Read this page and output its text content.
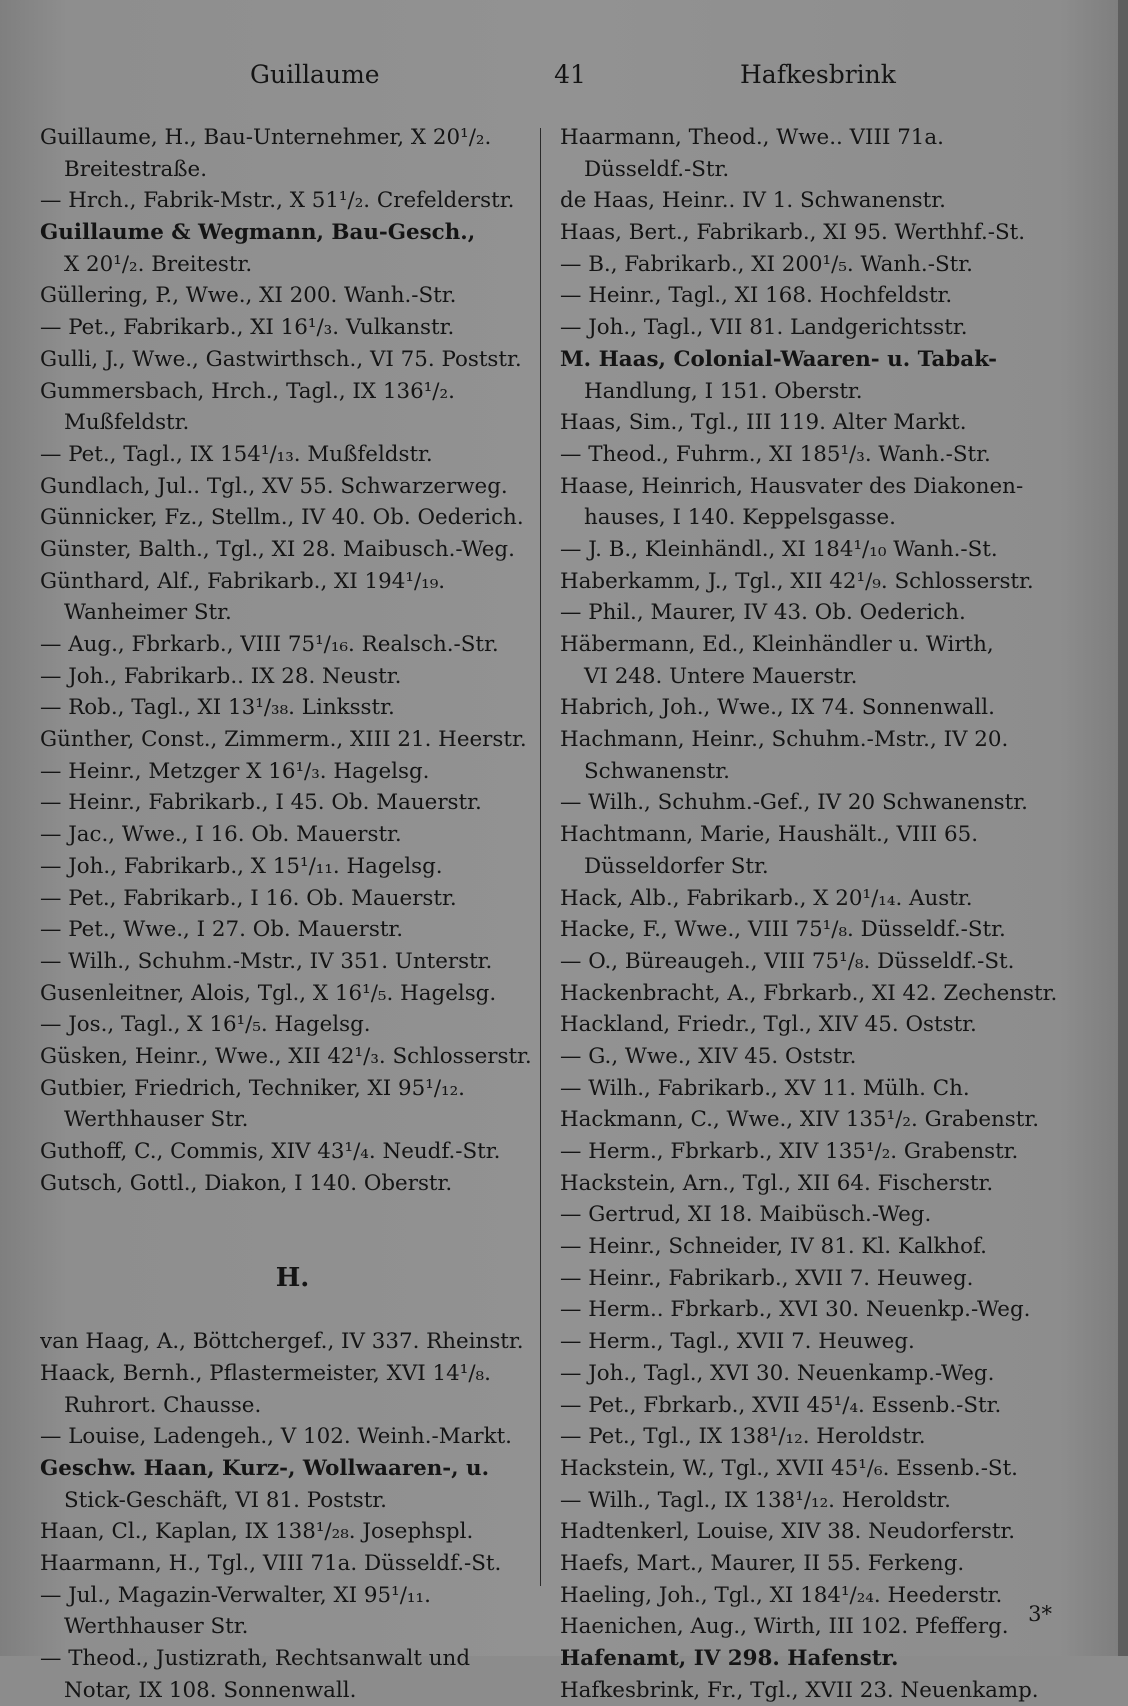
Guillaume	41	Hafkesbrink
Guillaume, H., Bau-Unternehmer, X 20¹/₂.
Breitestraße.
— Hrch., Fabrik-Mstr., X 51¹/₂. Crefelderstr.
Guillaume & Wegmann, Bau-Gesch.,
X 20¹/₂. Breitestr.
Güllering, P., Wwe., XI 200. Wanh.-Str.
— Pet., Fabrikarb., XI 16¹/₃. Vulkanstr.
Gulli, J., Wwe., Gastwirthsch., VI 75. Poststr.
Gummersbach, Hrch., Tagl., IX 136¹/₂.
Mußfeldstr.
— Pet., Tagl., IX 154¹/₁₃. Mußfeldstr.
Gundlach, Jul.. Tgl., XV 55. Schwarzerweg.
Günnicker, Fz., Stellm., IV 40. Ob. Oederich.
Günster, Balth., Tgl., XI 28. Maibusch.-Weg.
Günthard, Alf., Fabrikarb., XI 194¹/₁₉.
Wanheimer Str.
— Aug., Fbrkarb., VIII 75¹/₁₆. Realsch.-Str.
— Joh., Fabrikarb.. IX 28. Neustr.
— Rob., Tagl., XI 13¹/₃₈. Linksstr.
Günther, Const., Zimmerm., XIII 21. Heerstr.
— Heinr., Metzger X 16¹/₃. Hagelsg.
— Heinr., Fabrikarb., I 45. Ob. Mauerstr.
— Jac., Wwe., I 16. Ob. Mauerstr.
— Joh., Fabrikarb., X 15¹/₁₁. Hagelsg.
— Pet., Fabrikarb., I 16. Ob. Mauerstr.
— Pet., Wwe., I 27. Ob. Mauerstr.
— Wilh., Schuhm.-Mstr., IV 351. Unterstr.
Gusenleitner, Alois, Tgl., X 16¹/₅. Hagelsg.
— Jos., Tagl., X 16¹/₅. Hagelsg.
Güsken, Heinr., Wwe., XII 42¹/₃. Schlosserstr.
Gutbier, Friedrich, Techniker, XI 95¹/₁₂.
Werthhauser Str.
Guthoff, C., Commis, XIV 43¹/₄. Neudf.-Str.
Gutsch, Gottl., Diakon, I 140. Oberstr.
H.
van Haag, A., Böttchergef., IV 337. Rheinstr.
Haack, Bernh., Pflastermeister, XVI 14¹/₈.
Ruhrort. Chausse.
— Louise, Ladengeh., V 102. Weinh.-Markt.
Geschw. Haan, Kurz-, Wollwaaren-, u.
Stick-Geschäft, VI 81. Poststr.
Haan, Cl., Kaplan, IX 138¹/₂₈. Josephspl.
Haarmann, H., Tgl., VIII 71a. Düsseldf.-St.
— Jul., Magazin-Verwalter, XI 95¹/₁₁.
Werthhauser Str.
— Theod., Justizrath, Rechtsanwalt und
Notar, IX 108. Sonnenwall.
Haarmann, Theod., Wwe.. VIII 71a.
Düsseldf.-Str.
de Haas, Heinr.. IV 1. Schwanenstr.
Haas, Bert., Fabrikarb., XI 95. Werthhf.-St.
— B., Fabrikarb., XI 200¹/₅. Wanh.-Str.
— Heinr., Tagl., XI 168. Hochfeldstr.
— Joh., Tagl., VII 81. Landgerichtsstr.
M. Haas, Colonial-Waaren- u. Tabak-
Handlung, I 151. Oberstr.
Haas, Sim., Tgl., III 119. Alter Markt.
— Theod., Fuhrm., XI 185¹/₃. Wanh.-Str.
Haase, Heinrich, Hausvater des Diakonen-
hauses, I 140. Keppelsgasse.
— J. B., Kleinhändl., XI 184¹/₁₀ Wanh.-St.
Haberkamm, J., Tgl., XII 42¹/₉. Schlosserstr.
— Phil., Maurer, IV 43. Ob. Oederich.
Häbermann, Ed., Kleinhändler u. Wirth,
VI 248. Untere Mauerstr.
Habrich, Joh., Wwe., IX 74. Sonnenwall.
Hachmann, Heinr., Schuhm.-Mstr., IV 20.
Schwanenstr.
— Wilh., Schuhm.-Gef., IV 20 Schwanenstr.
Hachtmann, Marie, Haushält., VIII 65.
Düsseldorfer Str.
Hack, Alb., Fabrikarb., X 20¹/₁₄. Austr.
Hacke, F., Wwe., VIII 75¹/₈. Düsseldf.-Str.
— O., Büreaugeh., VIII 75¹/₈. Düsseldf.-St.
Hackenbracht, A., Fbrkarb., XI 42. Zechenstr.
Hackland, Friedr., Tgl., XIV 45. Oststr.
— G., Wwe., XIV 45. Oststr.
— Wilh., Fabrikarb., XV 11. Mülh. Ch.
Hackmann, C., Wwe., XIV 135¹/₂. Grabenstr.
— Herm., Fbrkarb., XIV 135¹/₂. Grabenstr.
Hackstein, Arn., Tgl., XII 64. Fischerstr.
— Gertrud, XI 18. Maibüsch.-Weg.
— Heinr., Schneider, IV 81. Kl. Kalkhof.
— Heinr., Fabrikarb., XVII 7. Heuweg.
— Herm.. Fbrkarb., XVI 30. Neuenkp.-Weg.
— Herm., Tagl., XVII 7. Heuweg.
— Joh., Tagl., XVI 30. Neuenkamp.-Weg.
— Pet., Fbrkarb., XVII 45¹/₄. Essenb.-Str.
— Pet., Tgl., IX 138¹/₁₂. Heroldstr.
Hackstein, W., Tgl., XVII 45¹/₆. Essenb.-St.
— Wilh., Tagl., IX 138¹/₁₂. Heroldstr.
Hadtenkerl, Louise, XIV 38. Neudorferstr.
Haefs, Mart., Maurer, II 55. Ferkeng.
Haeling, Joh., Tgl., XI 184¹/₂₄. Heederstr.
Haenichen, Aug., Wirth, III 102. Pfefferg.
Hafenamt, IV 298. Hafenstr.
Hafkesbrink, Fr., Tgl., XVII 23. Neuenkamp.
3*
